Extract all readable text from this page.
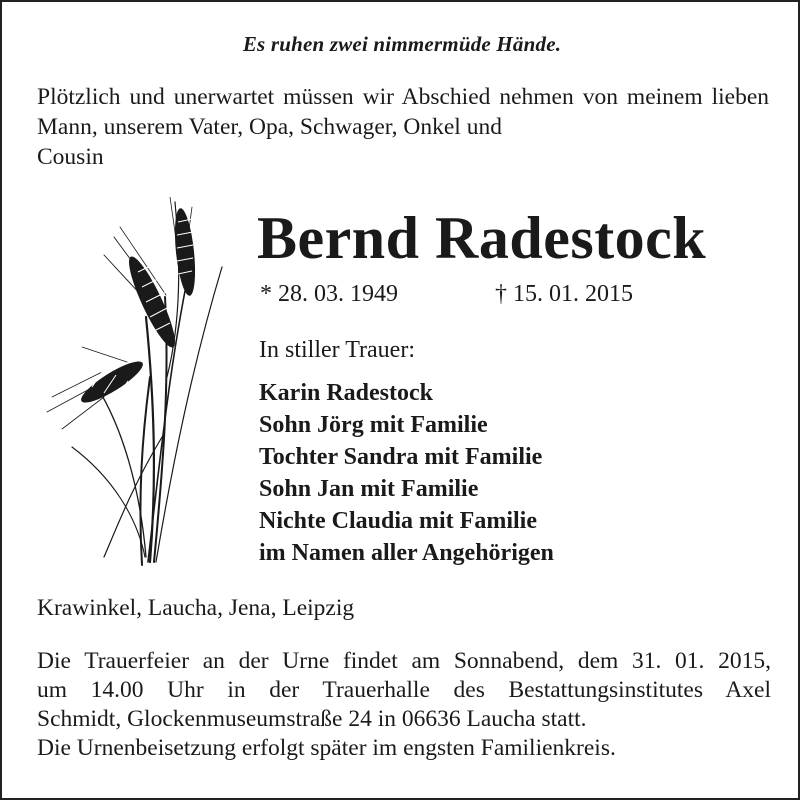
Es ruhen zwei nimmermüde Hände.
Plötzlich und unerwartet müssen wir Abschied nehmen von meinem lieben Mann, unserem Vater, Opa, Schwager, Onkel und
Cousin
Bernd Radestock
* 28. 03. 1949	† 15. 01. 2015
In stiller Trauer:
Karin Radestock
Sohn Jörg mit Familie
Tochter Sandra mit Familie
Sohn Jan mit Familie
Nichte Claudia mit Familie
im Namen aller Angehörigen
Krawinkel, Laucha, Jena, Leipzig
Die Trauerfeier an der Urne findet am Sonnabend, dem 31. 01. 2015,
um 14.00 Uhr in der Trauerhalle des Bestattungsinstitutes Axel
Schmidt, Glockenmuseumstraße 24 in 06636 Laucha statt.
Die Urnenbeisetzung erfolgt später im engsten Familienkreis.
